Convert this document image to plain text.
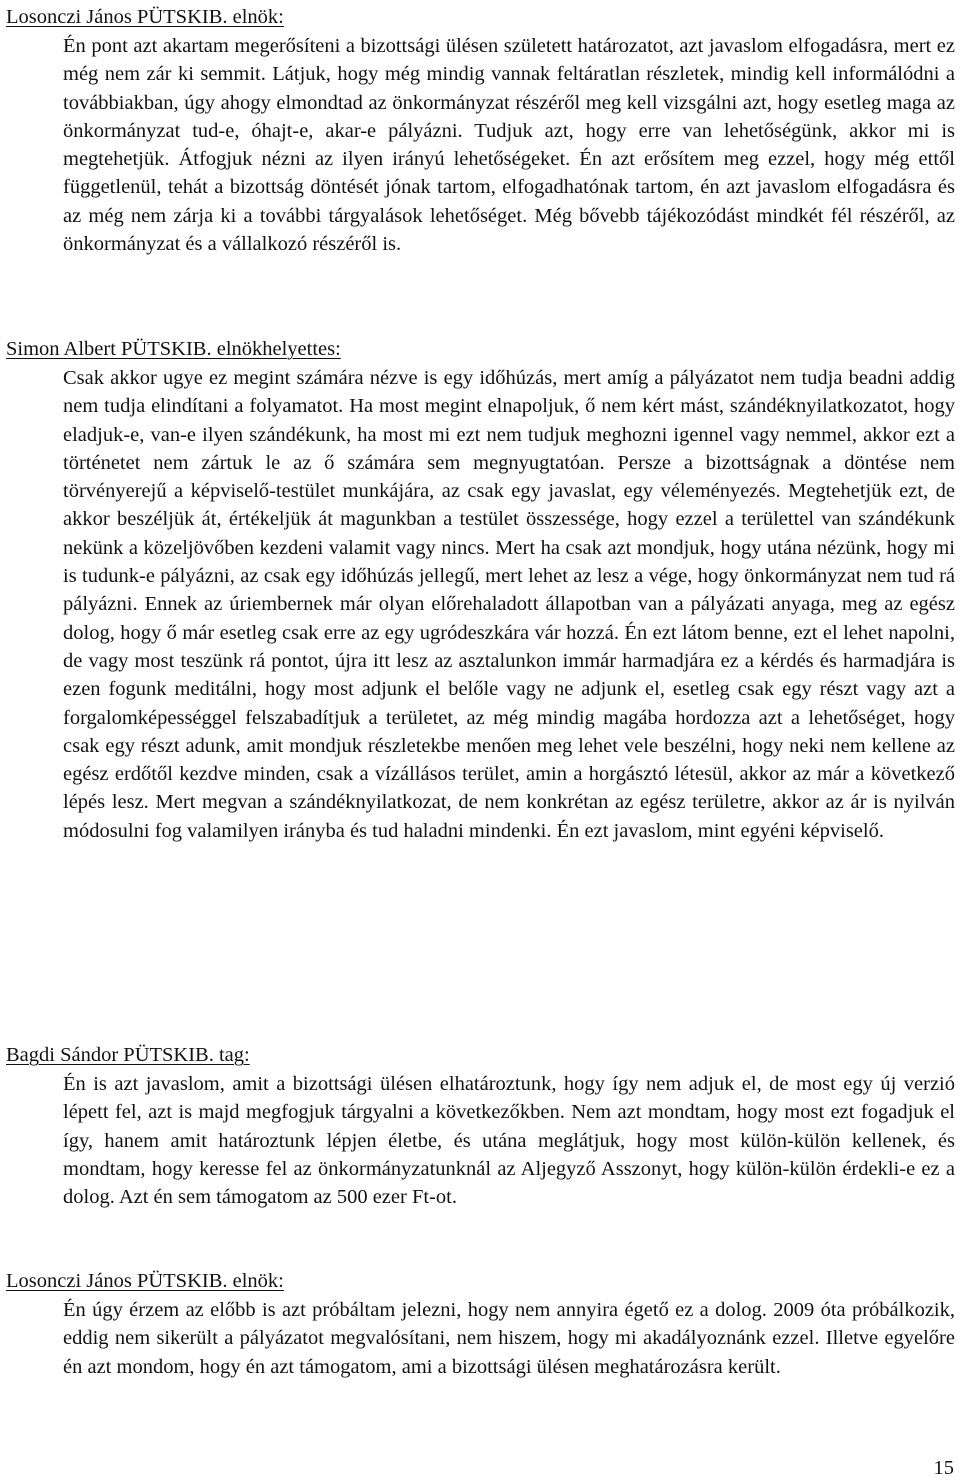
Losonczi János PÜTSKIB. elnök:
Én pont azt akartam megerősíteni a bizottsági ülésen született határozatot, azt javaslom elfogadásra, mert ez még nem zár ki semmit. Látjuk, hogy még mindig vannak feltáratlan részletek, mindig kell informálódni a továbbiakban, úgy ahogy elmondtad az önkormányzat részéről meg kell vizsgálni azt, hogy esetleg maga az önkormányzat tud-e, óhajt-e, akar-e pályázni. Tudjuk azt, hogy erre van lehetőségünk, akkor mi is megtehetjük. Átfogjuk nézni az ilyen irányú lehetőségeket. Én azt erősítem meg ezzel, hogy még ettől függetlenül, tehát a bizottság döntését jónak tartom, elfogadhatónak tartom, én azt javaslom elfogadásra és az még nem zárja ki a további tárgyalások lehetőséget. Még bővebb tájékozódást mindkét fél részéről, az önkormányzat és a vállalkozó részéről is.
Simon Albert PÜTSKIB. elnökhelyettes:
Csak akkor ugye ez megint számára nézve is egy időhúzás, mert amíg a pályázatot nem tudja beadni addig nem tudja elindítani a folyamatot. Ha most megint elnapoljuk, ő nem kért mást, szándéknyilatkozatot, hogy eladjuk-e, van-e ilyen szándékunk, ha most mi ezt nem tudjuk meghozni igennel vagy nemmel, akkor ezt a történetet nem zártuk le az ő számára sem megnyugtatóan. Persze a bizottságnak a döntése nem törvényerejű a képviselő-testület munkájára, az csak egy javaslat, egy véleményezés. Megtehetjük ezt, de akkor beszéljük át, értékeljük át magunkban a testület összessége, hogy ezzel a területtel van szándékunk nekünk a közeljövőben kezdeni valamit vagy nincs. Mert ha csak azt mondjuk, hogy utána nézünk, hogy mi is tudunk-e pályázni, az csak egy időhúzás jellegű, mert lehet az lesz a vége, hogy önkormányzat nem tud rá pályázni. Ennek az úriembernek már olyan előrehaladott állapotban van a pályázati anyaga, meg az egész dolog, hogy ő már esetleg csak erre az egy ugródeszkára vár hozzá. Én ezt látom benne, ezt el lehet napolni, de vagy most teszünk rá pontot, újra itt lesz az asztalunkon immár harmadjára ez a kérdés és harmadjára is ezen fogunk meditálni, hogy most adjunk el belőle vagy ne adjunk el, esetleg csak egy részt vagy azt a forgalomképességgel felszabadítjuk a területet, az még mindig magába hordozza azt a lehetőséget, hogy csak egy részt adunk, amit mondjuk részletekbe menően meg lehet vele beszélni, hogy neki nem kellene az egész erdőtől kezdve minden, csak a vízállásos terület, amin a horgásztó létesül, akkor az már a következő lépés lesz. Mert megvan a szándéknyilatkozat, de nem konkrétan az egész területre, akkor az ár is nyilván módosulni fog valamilyen irányba és tud haladni mindenki. Én ezt javaslom, mint egyéni képviselő.
Bagdi Sándor PÜTSKIB. tag:
Én is azt javaslom, amit a bizottsági ülésen elhatároztunk, hogy így nem adjuk el, de most egy új verzió lépett fel, azt is majd megfogjuk tárgyalni a következőkben. Nem azt mondtam, hogy most ezt fogadjuk el így, hanem amit határoztunk lépjen életbe, és utána meglátjuk, hogy most külön-külön kellenek, és mondtam, hogy keresse fel az önkormányzatunknál az Aljegyző Asszonyt, hogy külön-külön érdekli-e ez a dolog. Azt én sem támogatom az 500 ezer Ft-ot.
Losonczi János PÜTSKIB. elnök:
Én úgy érzem az előbb is azt próbáltam jelezni, hogy nem annyira égető ez a dolog. 2009 óta próbálkozik, eddig nem sikerült a pályázatot megvalósítani, nem hiszem, hogy mi akadályoznánk ezzel. Illetve egyelőre én azt mondom, hogy én azt támogatom, ami a bizottsági ülésen meghatározásra került.
15
